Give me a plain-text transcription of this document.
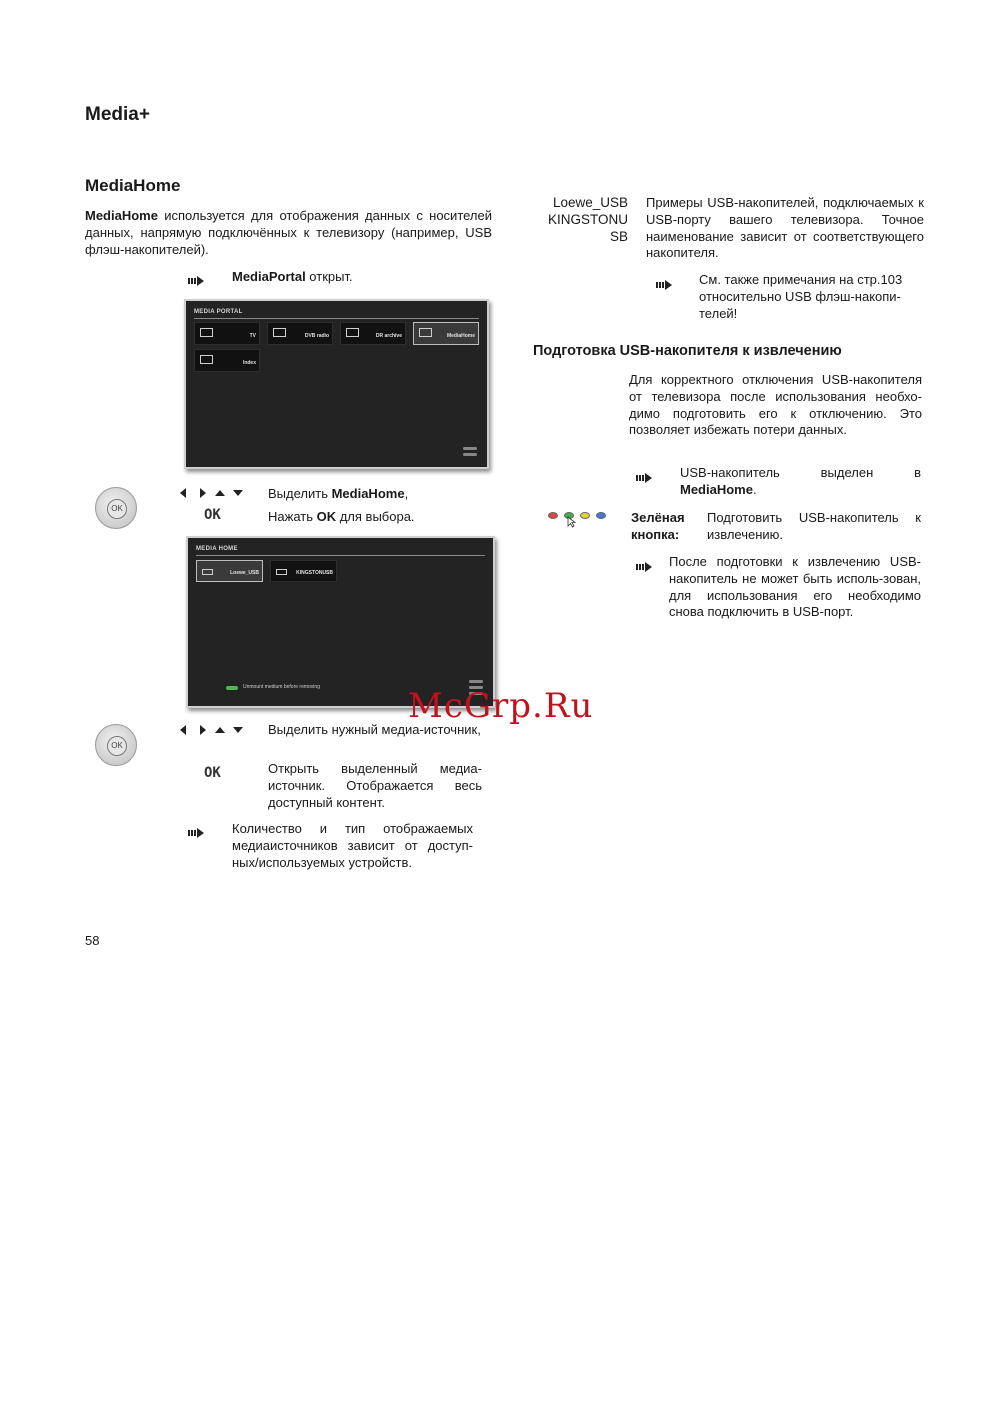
Media+
MediaHome
MediaHome используется для отображения данных с носителей данных, напрямую подключённых к телевизору (например, USB флэш-накопителей).
MediaPortal открыт.
MEDIA PORTAL
TV	DVB radio	DR archive	MediaHome
Index
OK
Выделить MediaHome,
OK	Нажать OK для выбора.
MEDIA HOME
Loewe_USB	KINGSTONUSB
Unmount medium before removing
OK
Выделить нужный медиа-источник,
OK	Открыть выделенный медиа-источник. Отображается весь доступный контент.
Количество и тип отображаемых медиаисточников зависит от доступ-ных/используемых устройств.
58
Loewe_USB
KINGSTONU
SB
Примеры USB-накопителей, подключаемых к USB-порту вашего телевизора. Точное наименование зависит от соответствующего накопителя.
См. также примечания на стр.103 относительно USB флэш-накопи-телей!
Подготовка USB-накопителя к извлечению
Для корректного отключения USB-накопителя от телевизора после использования необхо-димо подготовить его к отключению. Это позволяет избежать потери данных.
USB-накопитель выделен в MediaHome.
Зелёная кнопка:
Подготовить USB-накопитель к извлечению.
После подготовки к извлечению USB-накопитель не может быть исполь-зован, для использования его необходимо снова подключить в USB-порт.
McGrp.Ru
